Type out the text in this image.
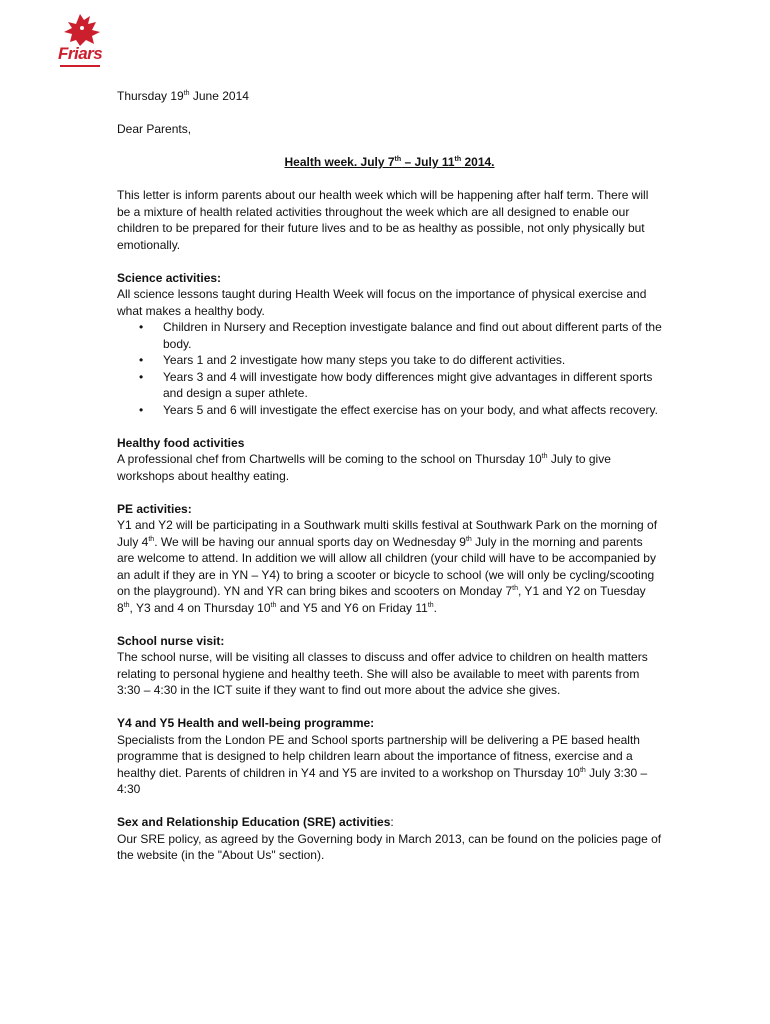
Friars

Thursday 19th June 2014

Dear Parents,

Health week. July 7th – July 11th 2014.

This letter is inform parents about our health week which will be happening after half term. There will be a mixture of health related activities throughout the week which are all designed to enable our children to be prepared for their future lives and to be as healthy as possible, not only physically but emotionally.

Science activities:

All science lessons taught during Health Week will focus on the importance of physical exercise and what makes a healthy body.

• Children in Nursery and Reception investigate balance and find out about different parts of the body.
• Years 1 and 2 investigate how many steps you take to do different activities.
• Years 3 and 4 will investigate how body differences might give advantages in different sports and design a super athlete.
• Years 5 and 6 will investigate the effect exercise has on your body, and what affects recovery.

Healthy food activities

A professional chef from Chartwells will be coming to the school on Thursday 10th July to give workshops about healthy eating.

PE activities:

Y1 and Y2 will be participating in a Southwark multi skills festival at Southwark Park on the morning of July 4th. We will be having our annual sports day on Wednesday 9th July in the morning and parents are welcome to attend. In addition we will allow all children (your child will have to be accompanied by an adult if they are in YN – Y4) to bring a scooter or bicycle to school (we will only be cycling/scooting on the playground). YN and YR can bring bikes and scooters on Monday 7th, Y1 and Y2 on Tuesday 8th, Y3 and 4 on Thursday 10th and Y5 and Y6 on Friday 11th.

School nurse visit:

The school nurse, will be visiting all classes to discuss and offer advice to children on health matters relating to personal hygiene and healthy teeth. She will also be available to meet with parents from 3:30 – 4:30 in the ICT suite if they want to find out more about the advice she gives.

Y4 and Y5 Health and well-being programme:

Specialists from the London PE and School sports partnership will be delivering a PE based health programme that is designed to help children learn about the importance of fitness, exercise and a healthy diet. Parents of children in Y4 and Y5 are invited to a workshop on Thursday 10th July 3:30 – 4:30

Sex and Relationship Education (SRE) activities:

Our SRE policy, as agreed by the Governing body in March 2013, can be found on the policies page of the website (in the "About Us" section).
